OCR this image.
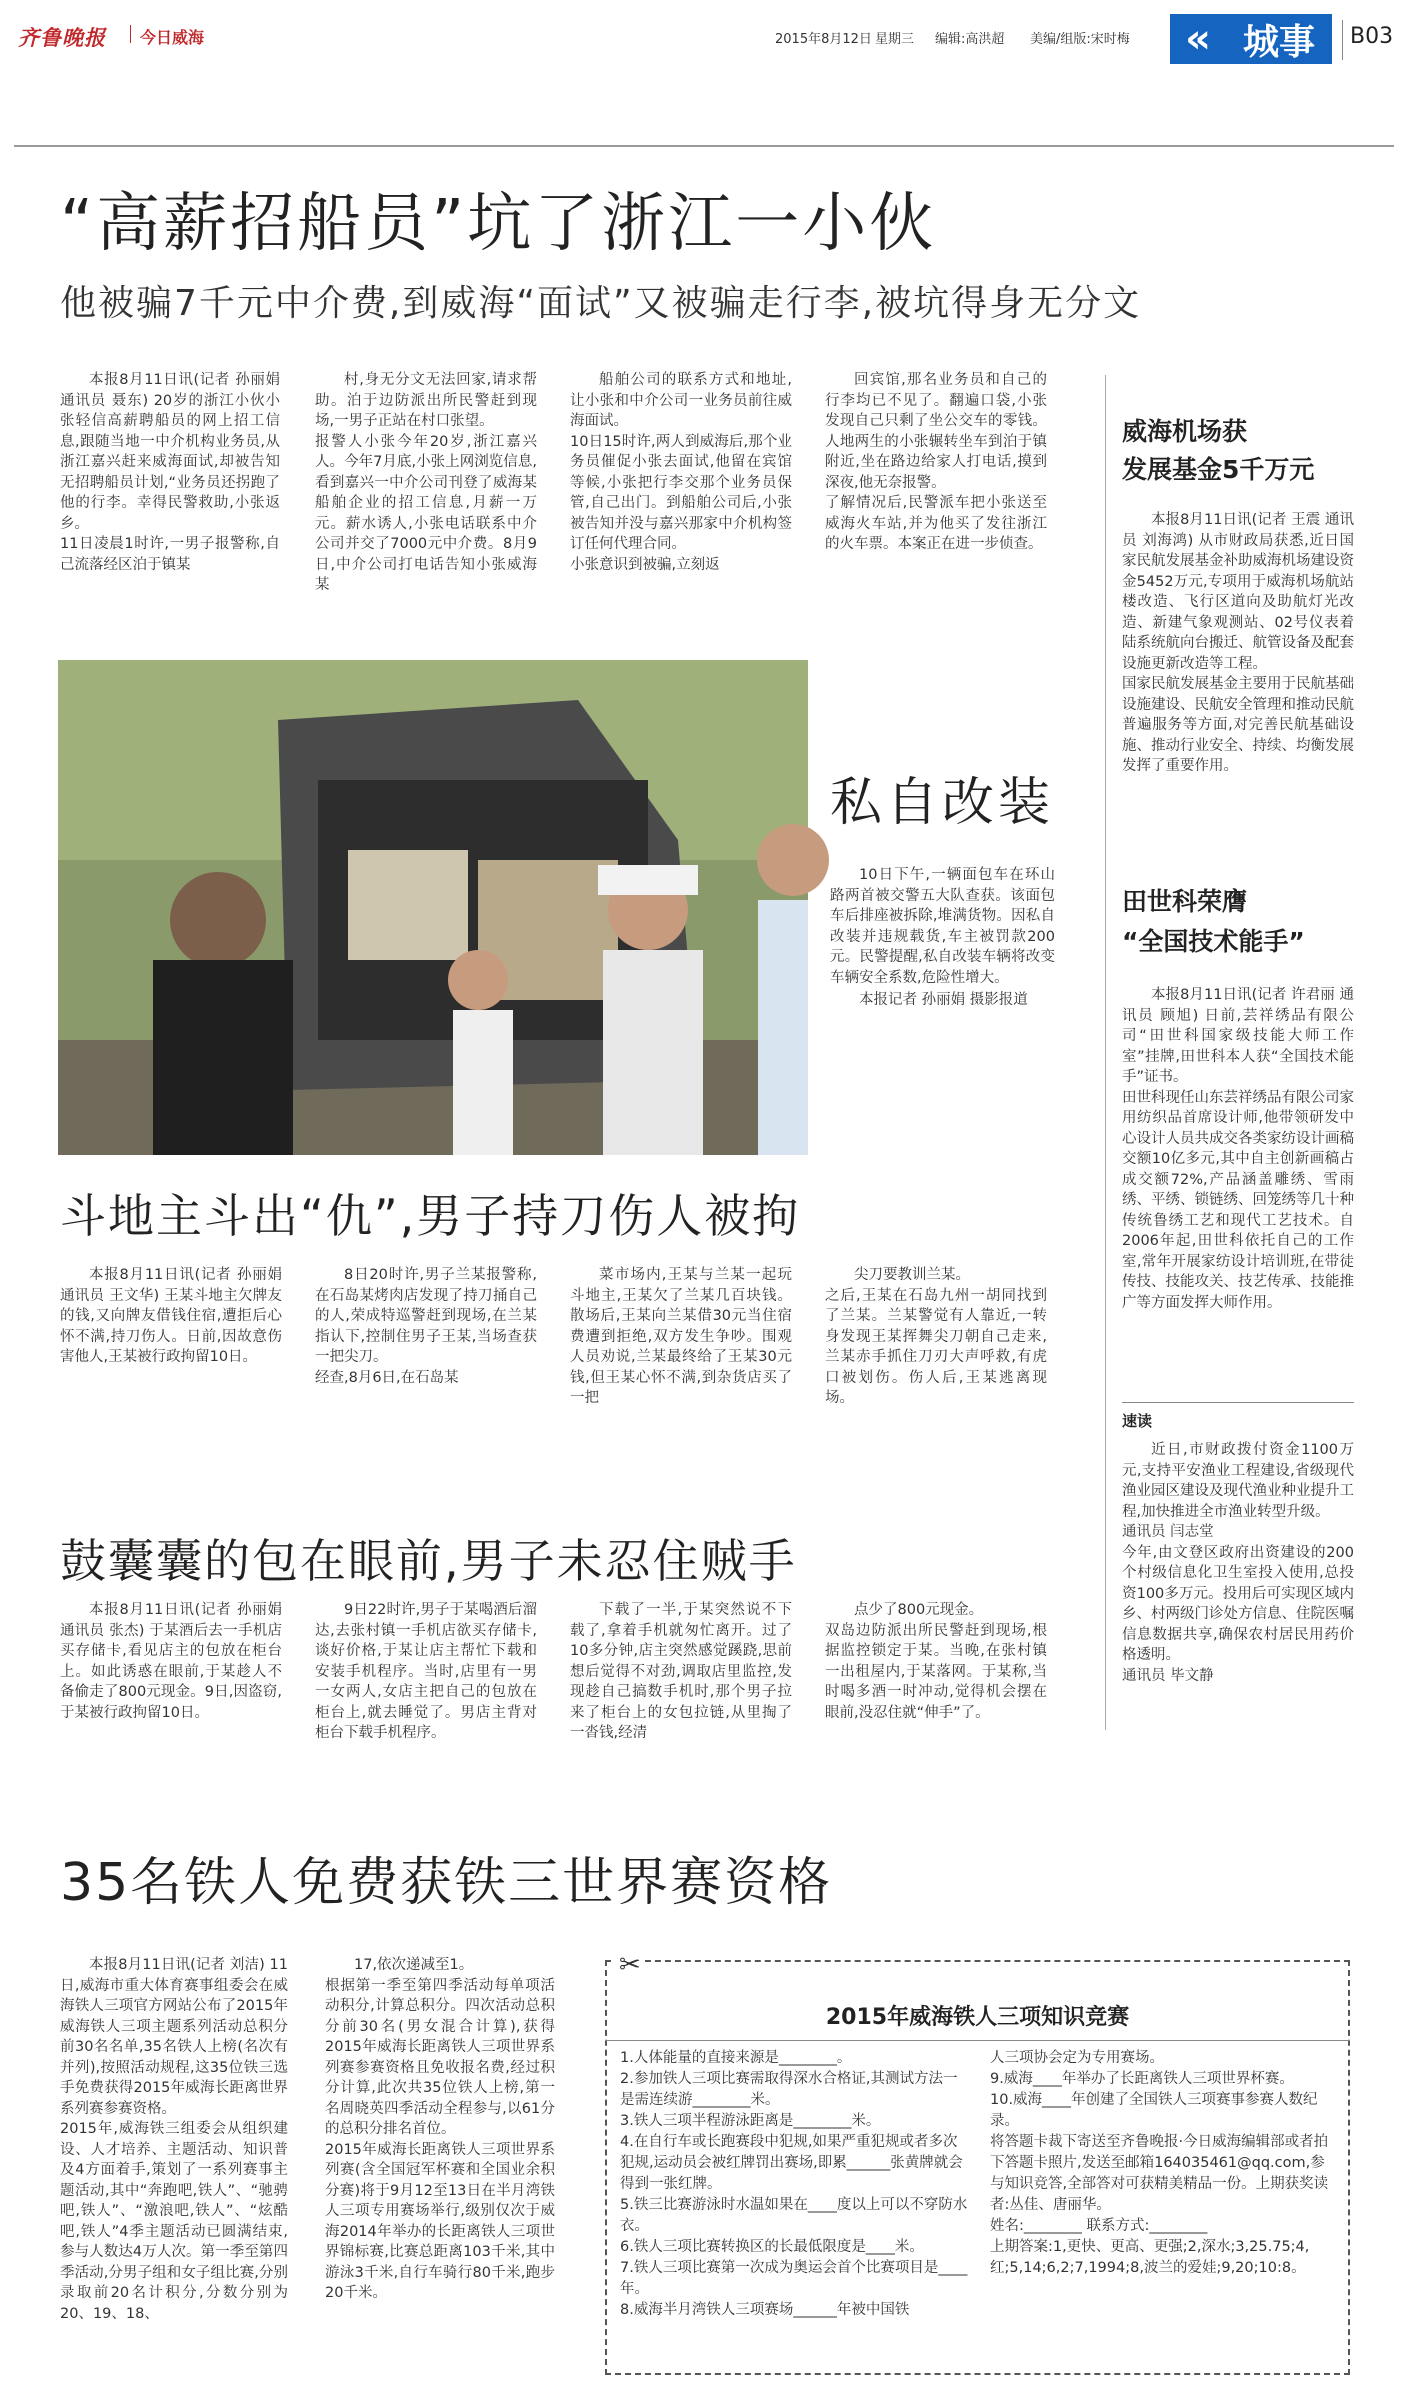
齐鲁晚报 今日威海	2015年8月12日 星期三 编辑:高洪超 美编/组版:宋时梅	« 城事	B03
“高薪招船员”坑了浙江一小伙
他被骗7千元中介费,到威海“面试”又被骗走行李,被坑得身无分文

本报8月11日讯(记者 孙丽娟 通讯员 聂东) 20岁的浙江小伙小张轻信高薪聘船员的网上招工信息,跟随当地一中介机构业务员,从浙江嘉兴赶来威海面试,却被告知无招聘船员计划,“业务员还拐跑了他的行李。幸得民警救助,小张返乡。
11日凌晨1时许,一男子报警称,自己流落经区泊于镇某

村,身无分文无法回家,请求帮助。泊于边防派出所民警赶到现场,一男子正站在村口张望。
报警人小张今年20岁,浙江嘉兴人。今年7月底,小张上网浏览信息,看到嘉兴一中介公司刊登了威海某船舶企业的招工信息,月薪一万元。薪水诱人,小张电话联系中介公司并交了7000元中介费。8月9日,中介公司打电话告知小张威海某

船舶公司的联系方式和地址,让小张和中介公司一业务员前往威海面试。
10日15时许,两人到威海后,那个业务员催促小张去面试,他留在宾馆等候,小张把行李交那个业务员保管,自己出门。到船舶公司后,小张被告知并没与嘉兴那家中介机构签订任何代理合同。
小张意识到被骗,立刻返

回宾馆,那名业务员和自己的行李均已不见了。翻遍口袋,小张发现自己只剩了坐公交车的零钱。人地两生的小张辗转坐车到泊于镇附近,坐在路边给家人打电话,摸到深夜,他无奈报警。
了解情况后,民警派车把小张送至威海火车站,并为他买了发往浙江的火车票。本案正在进一步侦查。

私自改装

10日下午,一辆面包车在环山路两首被交警五大队查获。该面包车后排座被拆除,堆满货物。因私自改装并违规载货,车主被罚款200元。民警提醒,私自改装车辆将改变车辆安全系数,危险性增大。

本报记者 孙丽娟 摄影报道

斗地主斗出“仇”,男子持刀伤人被拘

本报8月11日讯(记者 孙丽娟 通讯员 王文华) 王某斗地主欠牌友的钱,又向牌友借钱住宿,遭拒后心怀不满,持刀伤人。日前,因故意伤害他人,王某被行政拘留10日。

8日20时许,男子兰某报警称,在石岛某烤肉店发现了持刀捅自己的人,荣成特巡警赶到现场,在兰某指认下,控制住男子王某,当场查获一把尖刀。
经查,8月6日,在石岛某

菜市场内,王某与兰某一起玩斗地主,王某欠了兰某几百块钱。散场后,王某向兰某借30元当住宿费遭到拒绝,双方发生争吵。围观人员劝说,兰某最终给了王某30元钱,但王某心怀不满,到杂货店买了一把

尖刀要教训兰某。
之后,王某在石岛九州一胡同找到了兰某。兰某警觉有人靠近,一转身发现王某挥舞尖刀朝自己走来,兰某赤手抓住刀刃大声呼救,有虎口被划伤。伤人后,王某逃离现场。

鼓囊囊的包在眼前,男子未忍住贼手

本报8月11日讯(记者 孙丽娟 通讯员 张杰) 于某酒后去一手机店买存储卡,看见店主的包放在柜台上。如此诱惑在眼前,于某趁人不备偷走了800元现金。9日,因盗窃,于某被行政拘留10日。

9日22时许,男子于某喝酒后溜达,去张村镇一手机店欲买存储卡,谈好价格,于某让店主帮忙下载和安装手机程序。当时,店里有一男一女两人,女店主把自己的包放在柜台上,就去睡觉了。男店主背对柜台下载手机程序。

下载了一半,于某突然说不下载了,拿着手机就匆忙离开。过了10多分钟,店主突然感觉蹊跷,思前想后觉得不对劲,调取店里监控,发现趁自己搞数手机时,那个男子拉来了柜台上的女包拉链,从里掏了一沓钱,经清

点少了800元现金。
双岛边防派出所民警赶到现场,根据监控锁定于某。当晚,在张村镇一出租屋内,于某落网。于某称,当时喝多酒一时冲动,觉得机会摆在眼前,没忍住就“伸手”了。

35名铁人免费获铁三世界赛资格

本报8月11日讯(记者 刘洁) 11日,威海市重大体育赛事组委会在威海铁人三项官方网站公布了2015年威海铁人三项主题系列活动总积分前30名名单,35名铁人上榜(名次有并列),按照活动规程,这35位铁三选手免费获得2015年威海长距离世界系列赛参赛资格。
2015年,威海铁三组委会从组织建设、人才培养、主题活动、知识普及4方面着手,策划了一系列赛事主题活动,其中“奔跑吧,铁人”、“驰骋吧,铁人”、“激浪吧,铁人”、“炫酷吧,铁人”4季主题活动已圆满结束,参与人数达4万人次。第一季至第四季活动,分男子组和女子组比赛,分别录取前20名计积分,分数分别为20、19、18、

17,依次递减至1。
根据第一季至第四季活动每单项活动积分,计算总积分。四次活动总积分前30名(男女混合计算),获得2015年威海长距离铁人三项世界系列赛参赛资格且免收报名费,经过积分计算,此次共35位铁人上榜,第一名周晓英四季活动全程参与,以61分的总积分排名首位。
2015年威海长距离铁人三项世界系列赛(含全国冠军杯赛和全国业余积分赛)将于9月12至13日在半月湾铁人三项专用赛场举行,级别仅次于威海2014年举办的长距离铁人三项世界锦标赛,比赛总距离103千米,其中游泳3千米,自行车骑行80千米,跑步20千米。

✂
2015年威海铁人三项知识竞赛
1.人体能量的直接来源是________。
2.参加铁人三项比赛需取得深水合格证,其测试方法一是需连续游________米。
3.铁人三项半程游泳距离是________米。
4.在自行车或长跑赛段中犯规,如果严重犯规或者多次犯规,运动员会被红牌罚出赛场,即累______张黄牌就会得到一张红牌。
5.铁三比赛游泳时水温如果在____度以上可以不穿防水衣。
6.铁人三项比赛转换区的长最低限度是____米。
7.铁人三项比赛第一次成为奥运会首个比赛项目是____年。
8.威海半月湾铁人三项赛场______年被中国铁
人三项协会定为专用赛场。
9.威海____年举办了长距离铁人三项世界杯赛。
10.威海____年创建了全国铁人三项赛事参赛人数纪录。
将答题卡裁下寄送至齐鲁晚报·今日威海编辑部或者拍下答题卡照片,发送至邮箱164035461@qq.com,参与知识竞答,全部答对可获精美精品一份。上期获奖读者:丛佳、唐丽华。
姓名:________ 联系方式:________
上期答案:1,更快、更高、更强;2,深水;3,25.75;4,红;5,14;6,2;7,1994;8,波兰的爱娃;9,20;10:8。
威海机场获
发展基金5千万元

本报8月11日讯(记者 王震 通讯员 刘海鸿) 从市财政局获悉,近日国家民航发展基金补助威海机场建设资金5452万元,专项用于威海机场航站楼改造、飞行区道向及助航灯光改造、新建气象观测站、02号仪表着陆系统航向台搬迁、航管设备及配套设施更新改造等工程。
国家民航发展基金主要用于民航基础设施建设、民航安全管理和推动民航普遍服务等方面,对完善民航基础设施、推动行业安全、持续、均衡发展发挥了重要作用。

田世科荣膺
“全国技术能手”

本报8月11日讯(记者 许君丽 通讯员 顾旭) 日前,芸祥绣品有限公司“田世科国家级技能大师工作室”挂牌,田世科本人获“全国技术能手”证书。
田世科现任山东芸祥绣品有限公司家用纺织品首席设计师,他带领研发中心设计人员共成交各类家纺设计画稿交额10亿多元,其中自主创新画稿占成交额72%,产品涵盖雕绣、雪雨绣、平绣、锁链绣、回笼绣等几十种传统鲁绣工艺和现代工艺技术。自2006年起,田世科依托自己的工作室,常年开展家纺设计培训班,在带徒传技、技能攻关、技艺传承、技能推广等方面发挥大师作用。

速读

近日,市财政拨付资金1100万元,支持平安渔业工程建设,省级现代渔业园区建设及现代渔业种业提升工程,加快推进全市渔业转型升级。
通讯员 闫志堂
今年,由文登区政府出资建设的200个村级信息化卫生室投入使用,总投资100多万元。投用后可实现区域内乡、村两级门诊处方信息、住院医嘱信息数据共享,确保农村居民用药价格透明。
通讯员 毕文静
